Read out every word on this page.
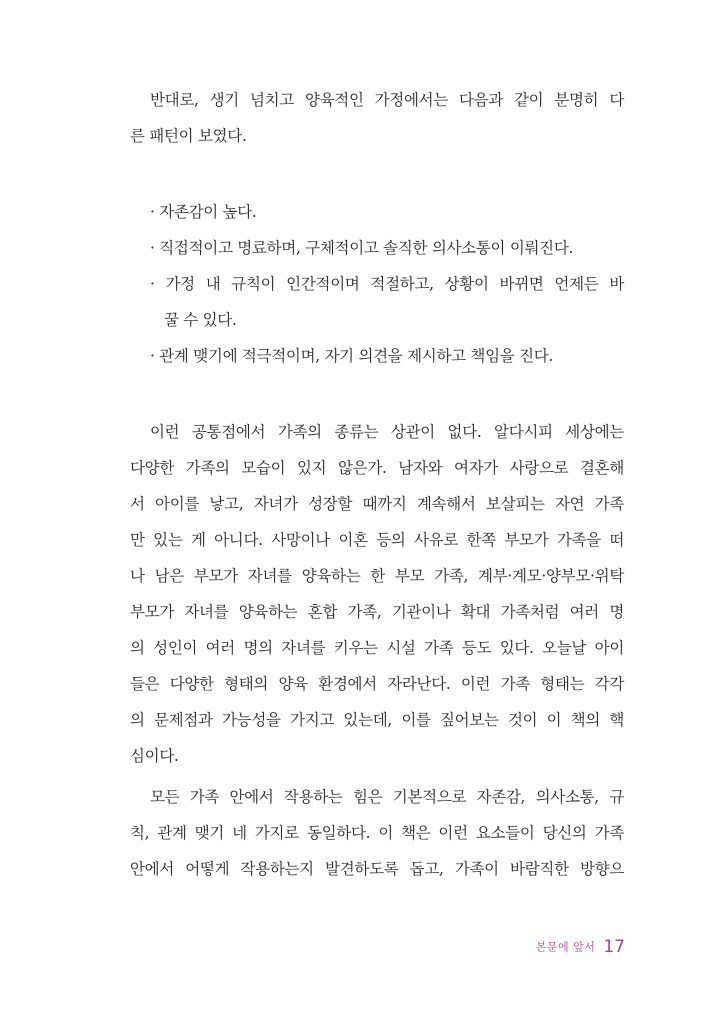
반대로, 생기 넘치고 양육적인 가정에서는 다음과 같이 분명히 다
른 패턴이 보였다.
· 자존감이 높다.
· 직접적이고 명료하며, 구체적이고 솔직한 의사소통이 이뤄진다.
· 가정 내 규칙이 인간적이며 적절하고, 상황이 바뀌면 언제든 바
꿀 수 있다.
· 관계 맺기에 적극적이며, 자기 의견을 제시하고 책임을 진다.
이런 공통점에서 가족의 종류는 상관이 없다. 알다시피 세상에는
다양한 가족의 모습이 있지 않은가. 남자와 여자가 사랑으로 결혼해
서 아이를 낳고, 자녀가 성장할 때까지 계속해서 보살피는 자연 가족
만 있는 게 아니다. 사망이나 이혼 등의 사유로 한쪽 부모가 가족을 떠
나 남은 부모가 자녀를 양육하는 한 부모 가족, 계부·계모·양부모·위탁
부모가 자녀를 양육하는 혼합 가족, 기관이나 확대 가족처럼 여러 명
의 성인이 여러 명의 자녀를 키우는 시설 가족 등도 있다. 오늘날 아이
들은 다양한 형태의 양육 환경에서 자라난다. 이런 가족 형태는 각각
의 문제점과 가능성을 가지고 있는데, 이를 짚어보는 것이 이 책의 핵
심이다.
모든 가족 안에서 작용하는 힘은 기본적으로 자존감, 의사소통, 규
칙, 관계 맺기 네 가지로 동일하다. 이 책은 이런 요소들이 당신의 가족
안에서 어떻게 작용하는지 발견하도록 돕고, 가족이 바람직한 방향으
본문에 앞서 17
